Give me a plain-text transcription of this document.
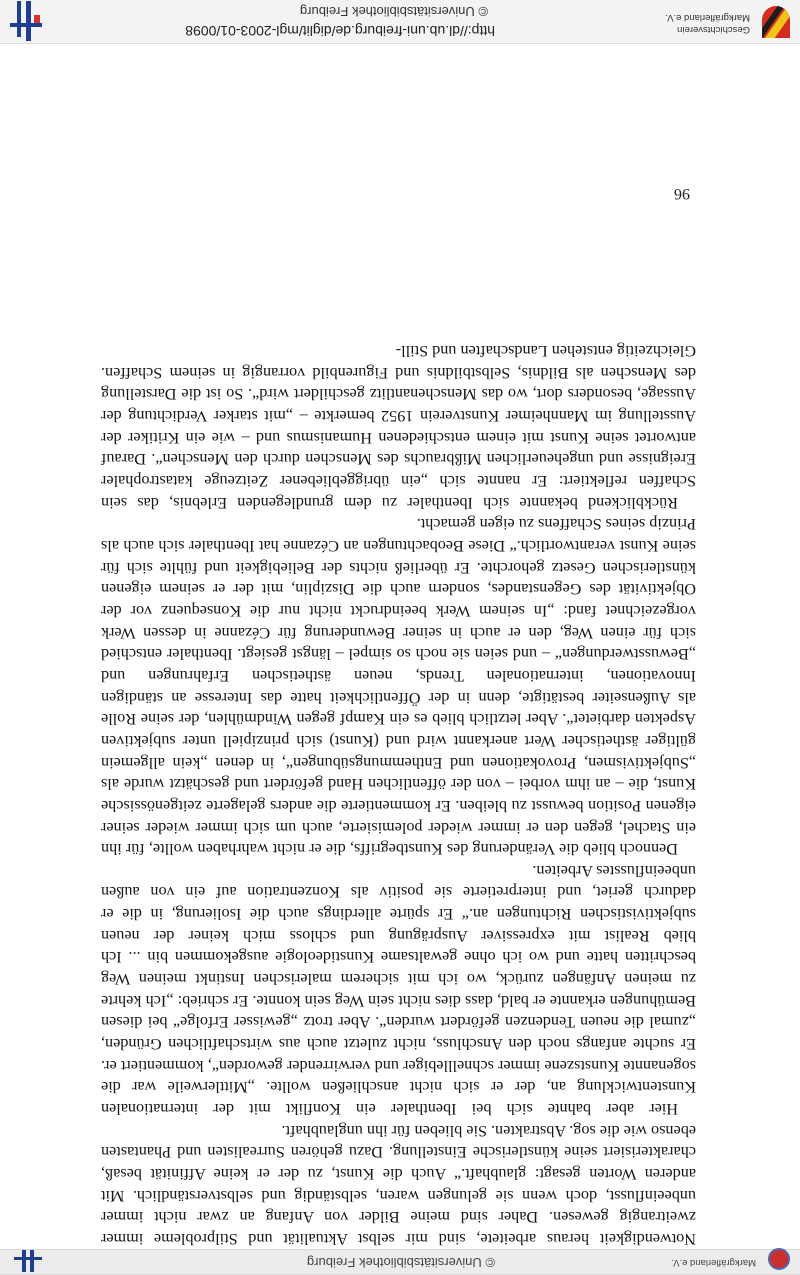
Markgräflerland e.V.
© Universitätsbibliothek Freiburg

Notwendigkeit heraus arbeitete, sind mir selbst Aktualität und Stilprobleme immer zweitrangig gewesen. Daher sind meine Bilder von Anfang an zwar nicht immer unbeeinflusst, doch wenn sie gelungen waren, selbständig und selbstverständlich. Mit anderen Worten gesagt: glaubhaft.“ Auch die Kunst, zu der er keine Affinität besaß, charakterisiert seine künstlerische Einstellung. Dazu gehören Surrealisten und Phantasten ebenso wie die sog. Abstrakten. Sie blieben für ihn unglaubhaft.

Hier aber bahnte sich bei Ibenthaler ein Konflikt mit der internationalen Kunstentwicklung an, der er sich nicht anschließen wollte. „Mittlerweile war die sogenannte Kunstszene immer schnelllebiger und verwirrender geworden“, kommentiert er. Er suchte anfangs noch den Anschluss, nicht zuletzt auch aus wirtschaftlichen Gründen, „zumal die neuen Tendenzen gefördert wurden“. Aber trotz „gewisser Erfolge“ bei diesen Bemühungen erkannte er bald, dass dies nicht sein Weg sein konnte. Er schrieb: „Ich kehrte zu meinen Anfängen zurück, wo ich mit sicherem malerischen Instinkt meinen Weg beschritten hatte und wo ich ohne gewaltsame Kunstideologie ausgekommen bin ... Ich blieb Realist mit expressiver Ausprägung und schloss mich keiner der neuen subjektivistischen Richtungen an.“ Er spürte allerdings auch die Isolierung, in die er dadurch geriet, und interpretierte sie positiv als Konzentration auf ein von außen unbeeinflusstes Arbeiten.

Dennoch blieb die Veränderung des Kunstbegriffs, die er nicht wahrhaben wollte, für ihn ein Stachel, gegen den er immer wieder polemisierte, auch um sich immer wieder seiner eigenen Position bewusst zu bleiben. Er kommentierte die anders gelagerte zeitgenössische Kunst, die – an ihm vorbei – von der öffentlichen Hand gefördert und geschätzt wurde als „Subjektivismen, Provokationen und Enthemmungsübungen“, in denen „kein allgemein gültiger ästhetischer Wert anerkannt wird und (Kunst) sich prinzipiell unter subjektiven Aspekten darbietet“. Aber letztlich blieb es ein Kampf gegen Windmühlen, der seine Rolle als Außenseiter bestätigte, denn in der Öffentlichkeit hatte das Interesse an ständigen Innovationen, internationalen Trends, neuen ästhetischen Erfahrungen und „Bewusstwerdungen“ – und seien sie noch so simpel – längst gesiegt. Ibenthaler entschied sich für einen Weg, den er auch in seiner Bewunderung für Cézanne in dessen Werk vorgezeichnet fand: „In seinem Werk beeindruckt nicht nur die Konsequenz vor der Objektivität des Gegenstandes, sondern auch die Disziplin, mit der er seinem eigenen künstlerischen Gesetz gehorchte. Er überließ nichts der Beliebigkeit und fühlte sich für seine Kunst verantwortlich.“ Diese Beobachtungen an Cézanne hat Ibenthaler sich auch als Prinzip seines Schaffens zu eigen gemacht.

Rückblickend bekannte sich Ibenthaler zu dem grundlegenden Erlebnis, das sein Schaffen reflektiert: Er nannte sich „ein übriggebliebener Zeitzeuge katastrophaler Ereignisse und ungeheuerlichen Mißbrauchs des Menschen durch den Menschen“. Darauf antwortet seine Kunst mit einem entschiedenen Humanismus und – wie ein Kritiker der Ausstellung im Mannheimer Kunstverein 1952 bemerkte – „mit starker Verdichtung der Aussage, besonders dort, wo das Menschenantlitz geschildert wird“. So ist die Darstellung des Menschen als Bildnis, Selbstbildnis und Figurenbild vorrangig in seinem Schaffen. Gleichzeitig entstehen Landschaften und Still-

96
Geschichtsverein
Markgräflerland e.V.
http://dl.ub.uni-freiburg.de/diglit/mgl-2003-01/0098
© Universitätsbibliothek Freiburg
